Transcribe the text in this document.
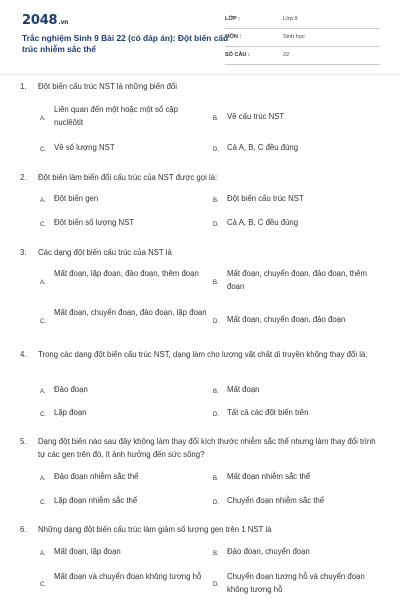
2048.vn
Trắc nghiệm Sinh 9 Bài 22 (có đáp án): Đột biến cấu trúc nhiễm sắc thể
LỚP :	Lớp 9
MÔN :	Sinh học
SỐ CÂU :	22
1. Đột biến cấu trúc NST là những biến đổi
A.
Liên quan đến một hoặc một số cặp nuclêôtit	B. Về cấu trúc NST
C. Về số lượng NST	D. Cả A, B, C đều đúng
2. Đột biến làm biến đổi cấu trúc của NST được gọi là:
A. Đột biến gen	B. Đột biến cấu trúc NST
C. Đột biến số lượng NST	D. Cả A, B, C đều đúng
3. Các dạng đột biến cấu trúc của NST là
A.
Mất đoạn, lặp đoạn, đảo đoạn, thêm đoạn
B.
Mất đoạn, chuyển đoạn, đảo đoạn, thêm đoạn
C.
Mất đoạn, chuyển đoạn, đảo đoạn, lặp đoạn
D. Mất đoạn, chuyển đoạn, đảo đoạn
4. Trong các dạng đột biến cấu trúc NST, dạng làm cho lượng vật chất di truyền không thay đổi là:
A. Đảo đoạn	B. Mất đoạn
C. Lặp đoạn	D. Tất cả các đột biến trên
5. Dạng đột biến nào sau đây không làm thay đổi kích thước nhiễm sắc thể nhưng làm thay đổi trình tự các gen trên đó, ít ảnh hưởng đến sức sống?
A. Đảo đoạn nhiễm sắc thể	B. Mất đoạn nhiễm sắc thể
C. Lặp đoạn nhiễm sắc thể	D. Chuyển đoạn nhiễm sắc thể
6. Những dạng đột biến cấu trúc làm giảm số lượng gen trên 1 NST là
A. Mất đoạn, lặp đoạn	B. Đảo đoạn, chuyển đoạn
C.
Mất đoạn và chuyển đoạn không tương hỗ
D.
Chuyển đoạn tương hỗ và chuyển đoạn không tương hỗ
